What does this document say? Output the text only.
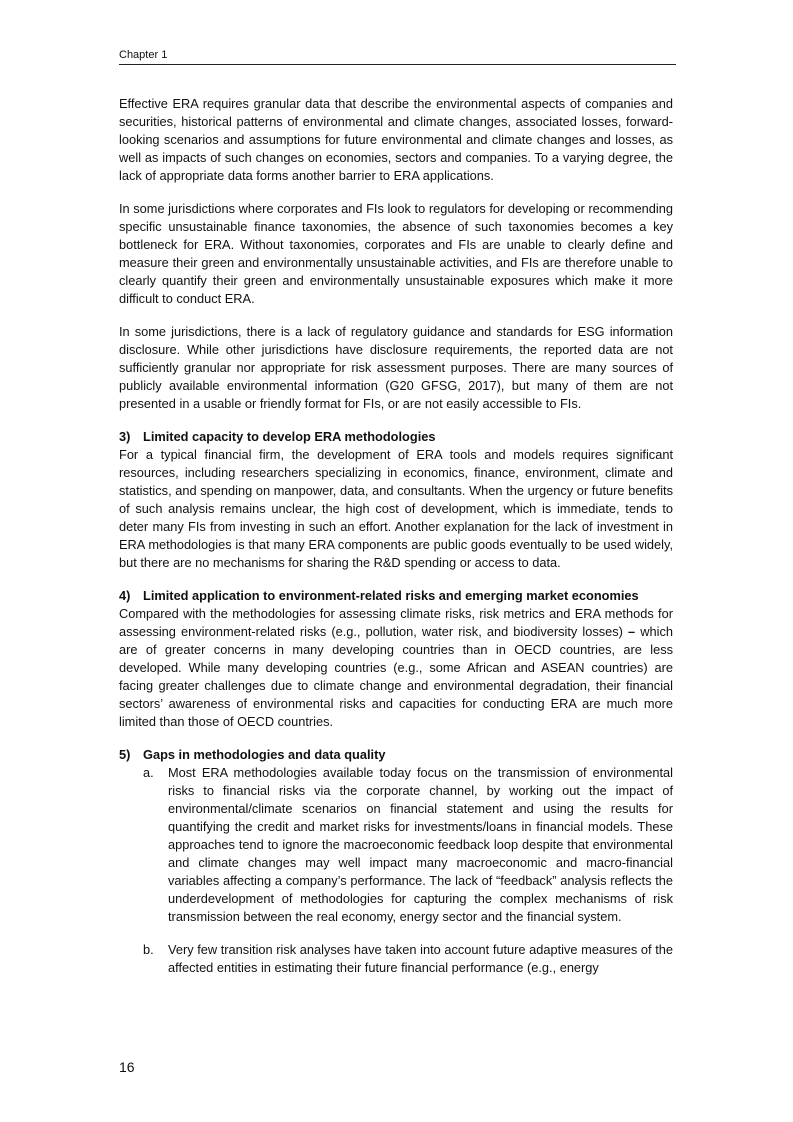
Chapter 1

Effective ERA requires granular data that describe the environmental aspects of companies and securities, historical patterns of environmental and climate changes, associated losses, forward-looking scenarios and assumptions for future environmental and climate changes and losses, as well as impacts of such changes on economies, sectors and companies. To a varying degree, the lack of appropriate data forms another barrier to ERA applications.

In some jurisdictions where corporates and FIs look to regulators for developing or recommending specific unsustainable finance taxonomies, the absence of such taxonomies becomes a key bottleneck for ERA. Without taxonomies, corporates and FIs are unable to clearly define and measure their green and environmentally unsustainable activities, and FIs are therefore unable to clearly quantify their green and environmentally unsustainable exposures which make it more difficult to conduct ERA.

In some jurisdictions, there is a lack of regulatory guidance and standards for ESG information disclosure. While other jurisdictions have disclosure requirements, the reported data are not sufficiently granular nor appropriate for risk assessment purposes. There are many sources of publicly available environmental information (G20 GFSG, 2017), but many of them are not presented in a usable or friendly format for FIs, or are not easily accessible to FIs.

3) Limited capacity to develop ERA methodologies

For a typical financial firm, the development of ERA tools and models requires significant resources, including researchers specializing in economics, finance, environment, climate and statistics, and spending on manpower, data, and consultants. When the urgency or future benefits of such analysis remains unclear, the high cost of development, which is immediate, tends to deter many FIs from investing in such an effort. Another explanation for the lack of investment in ERA methodologies is that many ERA components are public goods eventually to be used widely, but there are no mechanisms for sharing the R&D spending or access to data.

4) Limited application to environment-related risks and emerging market economies

Compared with the methodologies for assessing climate risks, risk metrics and ERA methods for assessing environment-related risks (e.g., pollution, water risk, and biodiversity losses) – which are of greater concerns in many developing countries than in OECD countries, are less developed. While many developing countries (e.g., some African and ASEAN countries) are facing greater challenges due to climate change and environmental degradation, their financial sectors’ awareness of environmental risks and capacities for conducting ERA are much more limited than those of OECD countries.

5) Gaps in methodologies and data quality
a. Most ERA methodologies available today focus on the transmission of environmental risks to financial risks via the corporate channel, by working out the impact of environmental/climate scenarios on financial statement and using the results for quantifying the credit and market risks for investments/loans in financial models. These approaches tend to ignore the macroeconomic feedback loop despite that environmental and climate changes may well impact many macroeconomic and macro-financial variables affecting a company’s performance. The lack of “feedback” analysis reflects the underdevelopment of methodologies for capturing the complex mechanisms of risk transmission between the real economy, energy sector and the financial system.
b. Very few transition risk analyses have taken into account future adaptive measures of the affected entities in estimating their future financial performance (e.g., energy
16
